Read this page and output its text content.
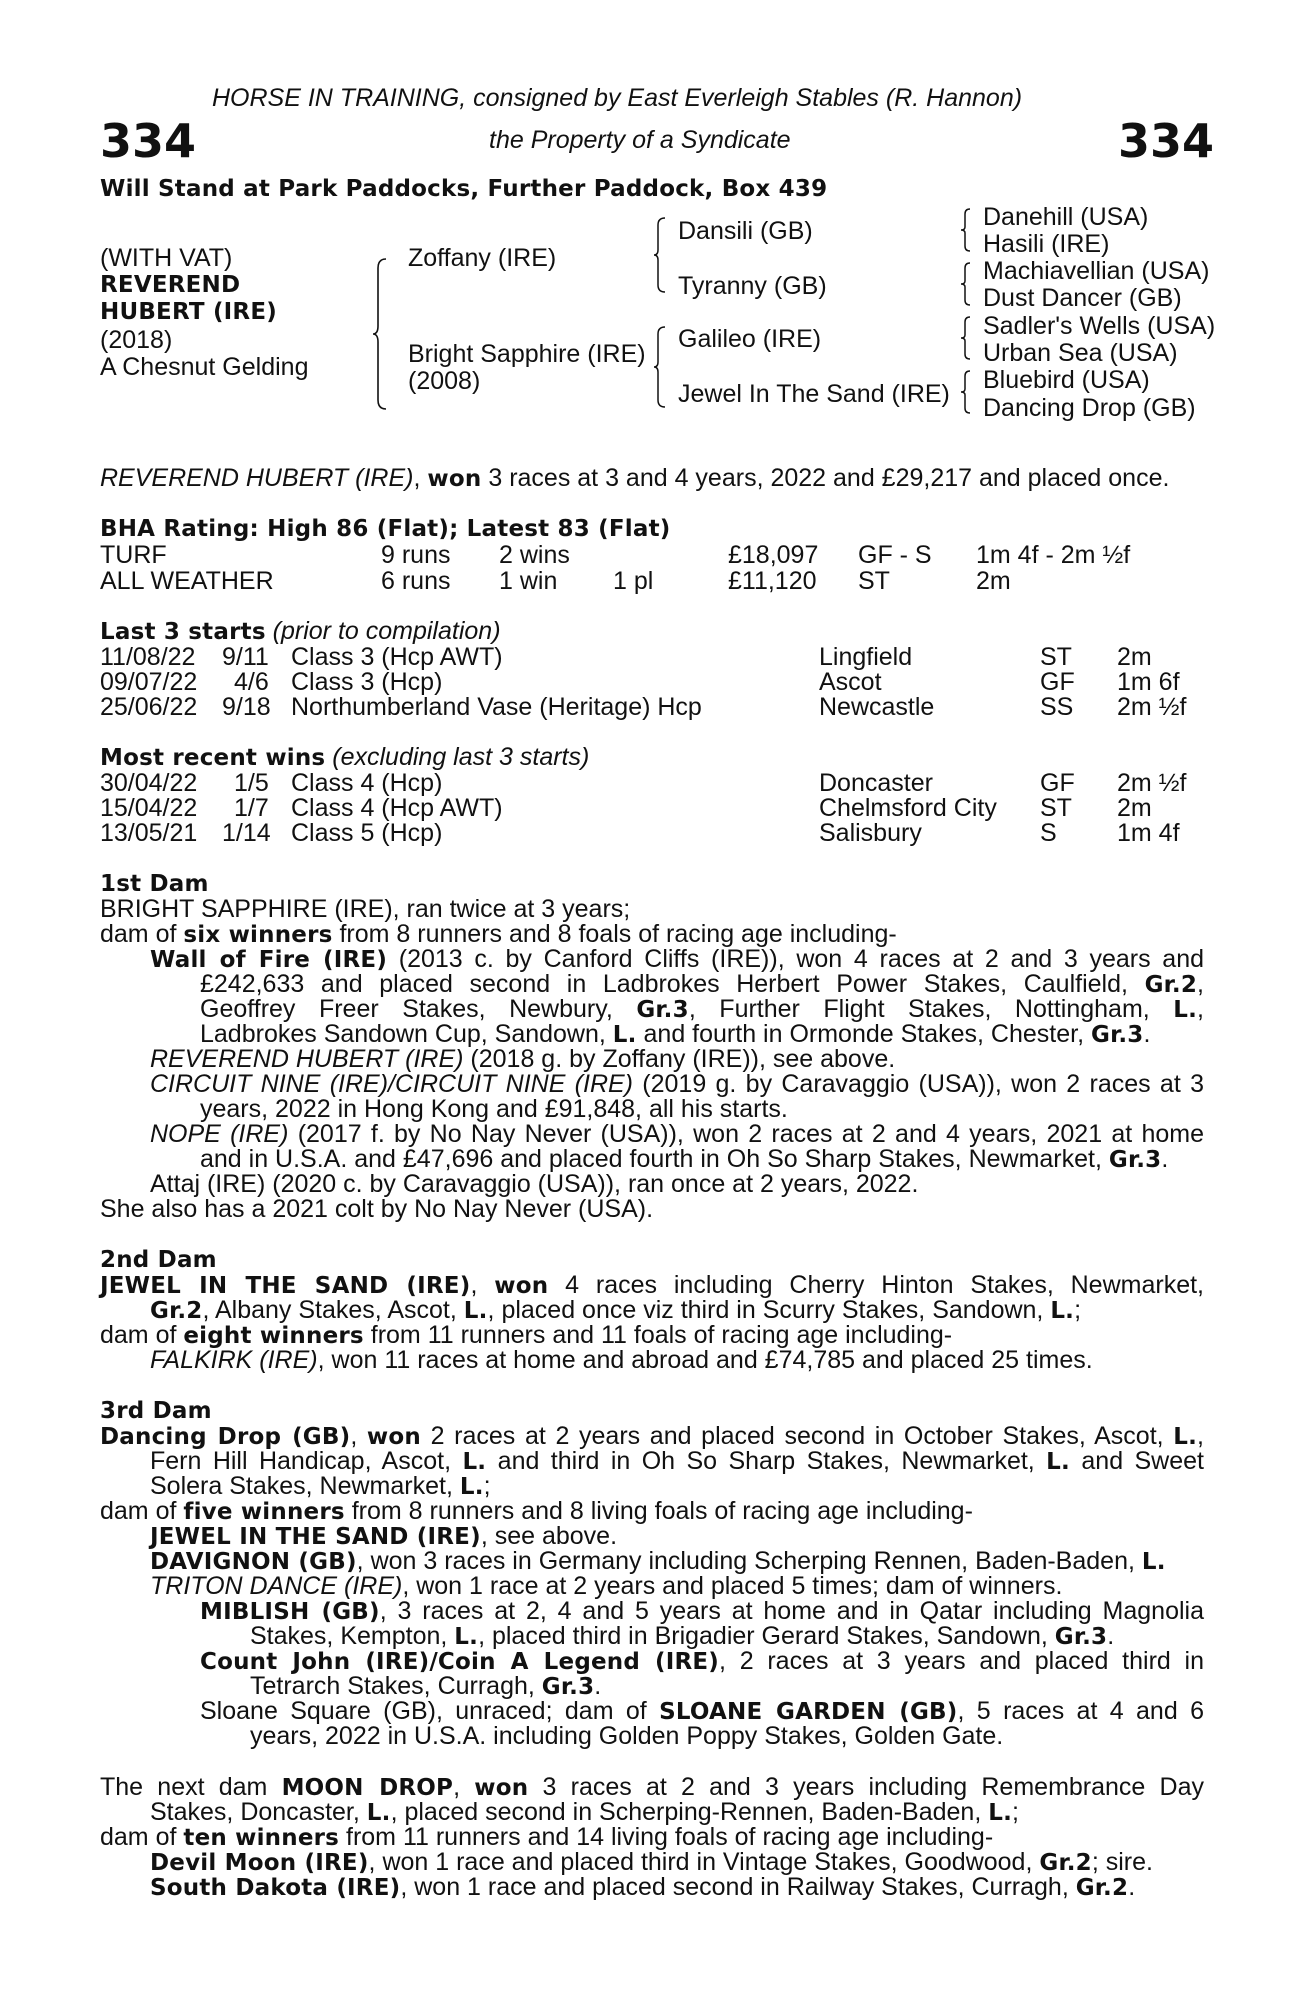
HORSE IN TRAINING, consigned by East Everleigh Stables (R. Hannon)
334	the Property of a Syndicate	334
Will Stand at Park Paddocks, Further Paddock, Box 439
(WITH VAT)
REVEREND
HUBERT (IRE)
(2018)
A Chesnut Gelding
Zoffany (IRE)
Bright Sapphire (IRE)
(2008)
Dansili (GB)
Tyranny (GB)
Galileo (IRE)
Jewel In The Sand (IRE)
Danehill (USA)
Hasili (IRE)
Machiavellian (USA)
Dust Dancer (GB)
Sadler's Wells (USA)
Urban Sea (USA)
Bluebird (USA)
Dancing Drop (GB)
REVEREND HUBERT (IRE), won 3 races at 3 and 4 years, 2022 and £29,217 and placed once.
BHA Rating: High 86 (Flat); Latest 83 (Flat)
TURF	9 runs 2 wins	£18,097 GF - S 1m 4f - 2m ½f
ALL WEATHER	6 runs 1 win 1 pl	£11,120 ST	2m
Last 3 starts (prior to compilation)
11/08/22 9/11 Class 3 (Hcp AWT)	Lingfield	ST 2m
09/07/22 4/6 Class 3 (Hcp)	Ascot	GF 1m 6f
25/06/22 9/18 Northumberland Vase (Heritage) Hcp	Newcastle	SS 2m ½f
Most recent wins (excluding last 3 starts)
30/04/22 1/5 Class 4 (Hcp)	Doncaster	GF 2m ½f
15/04/22 1/7 Class 4 (Hcp AWT)	Chelmsford City ST 2m
13/05/21 1/14 Class 5 (Hcp)	Salisbury	S 1m 4f
1st Dam
BRIGHT SAPPHIRE (IRE), ran twice at 3 years;
dam of six winners from 8 runners and 8 foals of racing age including-
Wall of Fire (IRE) (2013 c. by Canford Cliffs (IRE)), won 4 races at 2 and 3 years and
£242,633 and placed second in Ladbrokes Herbert Power Stakes, Caulfield, Gr.2,
Geoffrey Freer Stakes, Newbury, Gr.3, Further Flight Stakes, Nottingham, L.,
Ladbrokes Sandown Cup, Sandown, L. and fourth in Ormonde Stakes, Chester, Gr.3.
REVEREND HUBERT (IRE) (2018 g. by Zoffany (IRE)), see above.
CIRCUIT NINE (IRE)/CIRCUIT NINE (IRE) (2019 g. by Caravaggio (USA)), won 2 races at 3
years, 2022 in Hong Kong and £91,848, all his starts.
NOPE (IRE) (2017 f. by No Nay Never (USA)), won 2 races at 2 and 4 years, 2021 at home
and in U.S.A. and £47,696 and placed fourth in Oh So Sharp Stakes, Newmarket, Gr.3.
Attaj (IRE) (2020 c. by Caravaggio (USA)), ran once at 2 years, 2022.
She also has a 2021 colt by No Nay Never (USA).
2nd Dam
JEWEL IN THE SAND (IRE), won 4 races including Cherry Hinton Stakes, Newmarket,
Gr.2, Albany Stakes, Ascot, L., placed once viz third in Scurry Stakes, Sandown, L.;
dam of eight winners from 11 runners and 11 foals of racing age including-
FALKIRK (IRE), won 11 races at home and abroad and £74,785 and placed 25 times.
3rd Dam
Dancing Drop (GB), won 2 races at 2 years and placed second in October Stakes, Ascot, L.,
Fern Hill Handicap, Ascot, L. and third in Oh So Sharp Stakes, Newmarket, L. and Sweet
Solera Stakes, Newmarket, L.;
dam of five winners from 8 runners and 8 living foals of racing age including-
JEWEL IN THE SAND (IRE), see above.
DAVIGNON (GB), won 3 races in Germany including Scherping Rennen, Baden-Baden, L.
TRITON DANCE (IRE), won 1 race at 2 years and placed 5 times; dam of winners.
MIBLISH (GB), 3 races at 2, 4 and 5 years at home and in Qatar including Magnolia
Stakes, Kempton, L., placed third in Brigadier Gerard Stakes, Sandown, Gr.3.
Count John (IRE)/Coin A Legend (IRE), 2 races at 3 years and placed third in
Tetrarch Stakes, Curragh, Gr.3.
Sloane Square (GB), unraced; dam of SLOANE GARDEN (GB), 5 races at 4 and 6
years, 2022 in U.S.A. including Golden Poppy Stakes, Golden Gate.
The next dam MOON DROP, won 3 races at 2 and 3 years including Remembrance Day
Stakes, Doncaster, L., placed second in Scherping-Rennen, Baden-Baden, L.;
dam of ten winners from 11 runners and 14 living foals of racing age including-
Devil Moon (IRE), won 1 race and placed third in Vintage Stakes, Goodwood, Gr.2; sire.
South Dakota (IRE), won 1 race and placed second in Railway Stakes, Curragh, Gr.2.
